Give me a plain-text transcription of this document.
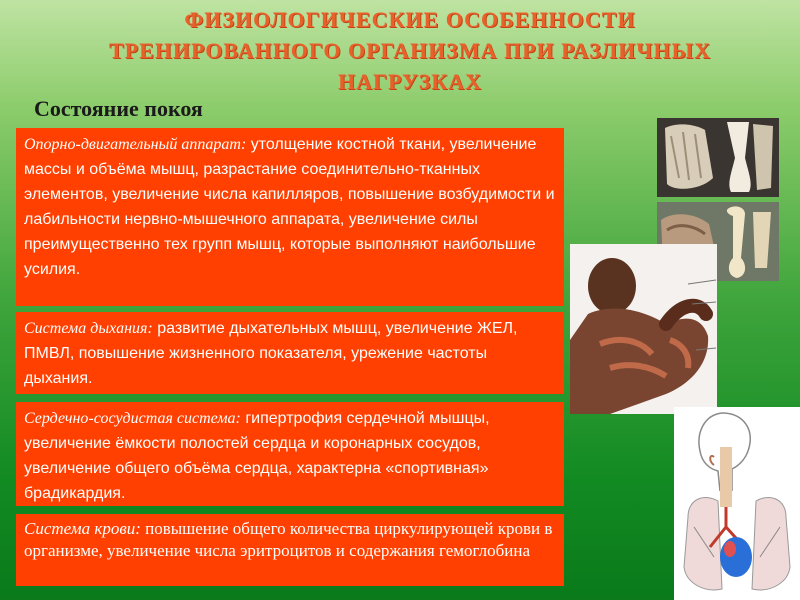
ФИЗИОЛОГИЧЕСКИЕ ОСОБЕННОСТИ ТРЕНИРОВАННОГО ОРГАНИЗМА ПРИ РАЗЛИЧНЫХ НАГРУЗКАХ
Состояние покоя
Опорно-двигательный аппарат: утолщение костной ткани, увеличение массы и объёма мышц, разрастание соединительно-тканных элементов, увеличение числа капилляров, повышение возбудимости и лабильности нервно-мышечного аппарата, увеличение силы преимущественно тех групп мышц, которые выполняют наибольшие усилия.
Система дыхания: развитие дыхательных мышц, увеличение ЖЕЛ, ПМВЛ, повышение жизненного показателя, урежение частоты дыхания.
Сердечно-сосудистая система: гипертрофия сердечной мышцы, увеличение ёмкости полостей сердца и коронарных сосудов, увеличение общего объёма сердца, характерна «спортивная» брадикардия.
Система крови: повышение общего количества циркулирующей крови в организме, увеличение числа эритроцитов и содержания гемоглобина
